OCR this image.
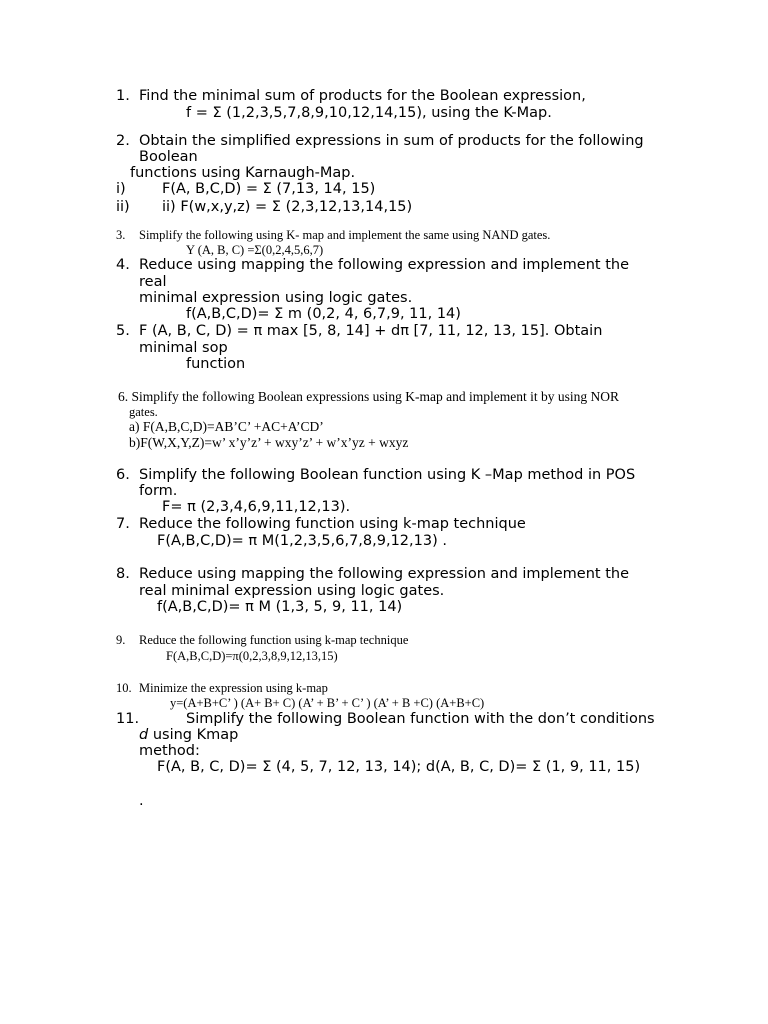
1. Find the minimal sum of products for the Boolean expression,
f = Σ (1,2,3,5,7,8,9,10,12,14,15), using the K-Map.
2. Obtain the simplified expressions in sum of products for the following
Boolean
functions using Karnaugh-Map.
i)	F(A, B,C,D) = Σ (7,13, 14, 15)
ii) ii) F(w,x,y,z) = Σ (2,3,12,13,14,15)
3. Simplify the following using K- map and implement the same using NAND gates.
Y (A, B, C) =Σ(0,2,4,5,6,7)
4. Reduce using mapping the following expression and implement the
real
minimal expression using logic gates.
f(A,B,C,D)= Σ m (0,2, 4, 6,7,9, 11, 14)
5. F (A, B, C, D) = π max [5, 8, 14] + dπ [7, 11, 12, 13, 15]. Obtain
minimal sop
function
6. Simplify the following Boolean expressions using K-map and implement it by using NOR
gates.
a) F(A,B,C,D)=AB’C’ +AC+A’CD’
b)F(W,X,Y,Z)=w’ x’y’z’ + wxy’z’ + w’x’yz + wxyz
6. Simplify the following Boolean function using K –Map method in POS
form.
F= π (2,3,4,6,9,11,12,13).
7. Reduce the following function using k-map technique
F(A,B,C,D)= π M(1,2,3,5,6,7,8,9,12,13) .
8. Reduce using mapping the following expression and implement the
real minimal expression using logic gates.
f(A,B,C,D)= π M (1,3, 5, 9, 11, 14)
9. Reduce the following function using k-map technique
F(A,B,C,D)=π(0,2,3,8,9,12,13,15)
10. Minimize the expression using k-map
y=(A+B+C’ ) (A+ B+ C) (A’ + B’ + C’ ) (A’ + B +C) (A+B+C)
11.	Simplify the following Boolean function with the don’t conditions
d using Kmap
method:
F(A, B, C, D)= Σ (4, 5, 7, 12, 13, 14); d(A, B, C, D)= Σ (1, 9, 11, 15)
.
